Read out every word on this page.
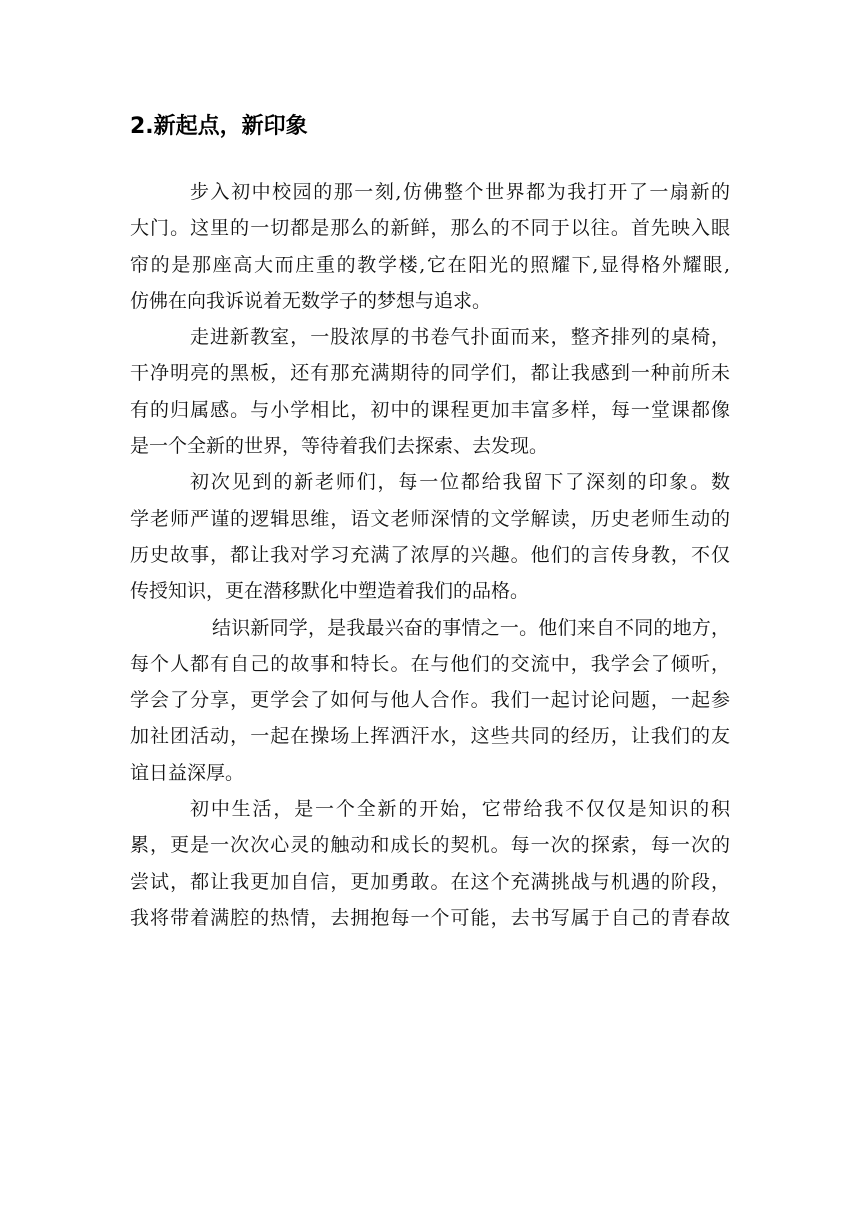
2.新起点，新印象
步入初中校园的那一刻,仿佛整个世界都为我打开了一扇新的
大门。这里的一切都是那么的新鲜，那么的不同于以往。首先映入眼
帘的是那座高大而庄重的教学楼,它在阳光的照耀下,显得格外耀眼,
仿佛在向我诉说着无数学子的梦想与追求。
走进新教室，一股浓厚的书卷气扑面而来，整齐排列的桌椅，
干净明亮的黑板，还有那充满期待的同学们，都让我感到一种前所未
有的归属感。与小学相比，初中的课程更加丰富多样，每一堂课都像
是一个全新的世界，等待着我们去探索、去发现。
初次见到的新老师们，每一位都给我留下了深刻的印象。数
学老师严谨的逻辑思维，语文老师深情的文学解读，历史老师生动的
历史故事，都让我对学习充满了浓厚的兴趣。他们的言传身教，不仅
传授知识，更在潜移默化中塑造着我们的品格。
结识新同学，是我最兴奋的事情之一。他们来自不同的地方，
每个人都有自己的故事和特长。在与他们的交流中，我学会了倾听，
学会了分享，更学会了如何与他人合作。我们一起讨论问题，一起参
加社团活动，一起在操场上挥洒汗水，这些共同的经历，让我们的友
谊日益深厚。
初中生活，是一个全新的开始，它带给我不仅仅是知识的积
累，更是一次次心灵的触动和成长的契机。每一次的探索，每一次的
尝试，都让我更加自信，更加勇敢。在这个充满挑战与机遇的阶段，
我将带着满腔的热情，去拥抱每一个可能，去书写属于自己的青春故
